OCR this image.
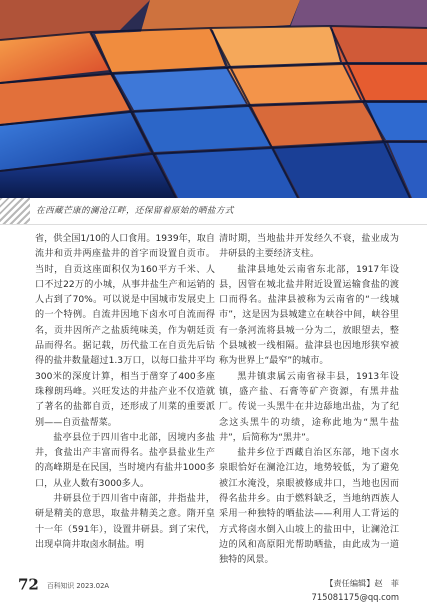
在西藏芒康的澜沧江畔，还保留着原始的晒盐方式

省，供全国1/10的人口食用。1939年，取自流井和贡井两座盐井的首字而设置自贡市。当时，自贡这座面积仅为160平方千米、人口不过22万的小城，从事井盐生产和运销的人占到了70%。可以说是中国城市发展史上的一个特例。自流井因地下卤水可自流而得名，贡井因所产之盐质纯味美，作为朝廷贡品而得名。据记载，历代盐工在自贡先后钻得的盐井数量超过1.3万口，以每口盐井平均300米的深度计算，相当于凿穿了400多座珠穆朗玛峰。兴旺发达的井盐产业不仅造就了著名的盐都自贡，还形成了川菜的重要派别——自贡盐帮菜。

盐亭县位于四川省中北部，因境内多盐井，食盐出产丰富而得名。盐亭县盐业生产的高峰期是在民国，当时境内有盐井1000多口，从业人数有3000多人。

井研县位于四川省中南部，井指盐井，研是精美的意思，取盐井精美之意。隋开皇十一年（591年），设置井研县。到了宋代，出现卓筒井取卤水制盐。明

清时期，当地盐井开发经久不衰，盐业成为井研县的主要经济支柱。

盐津县地处云南省东北部，1917年设县，因管在城北盐井附近设置运输食盐的渡口而得名。盐津县被称为云南省的“一线城市”，这是因为县城建立在峡谷中间，峡谷里有一条河流将县城一分为二，放眼望去，整个县城被一线相隔。盐津县也因地形狭窄被称为世界上“最窄”的城市。

黑井镇隶属云南省禄丰县，1913年设镇，盛产盐、石膏等矿产资源，有黑井盐厂。传说一头黑牛在井边舔地出盐，为了纪念这头黑牛的功绩，途称此地为“黑牛盐井”，后简称为“黑井”。

盐井乡位于西藏自治区东部，地下卤水泉眼恰好在澜沧江边，地势较低，为了避免被江水淹没，泉眼被修成井口，当地也因而得名盐井乡。由于燃料缺乏，当地纳西族人采用一种独特的晒盐法——利用人工背运的方式将卤水倒入山坡上的盐田中，让澜沧江边的风和高原阳光帮助晒盐，由此成为一道独特的风景。

【责任编辑】赵　菲
715081175@qq.com
72 百科知识 2023.02A
